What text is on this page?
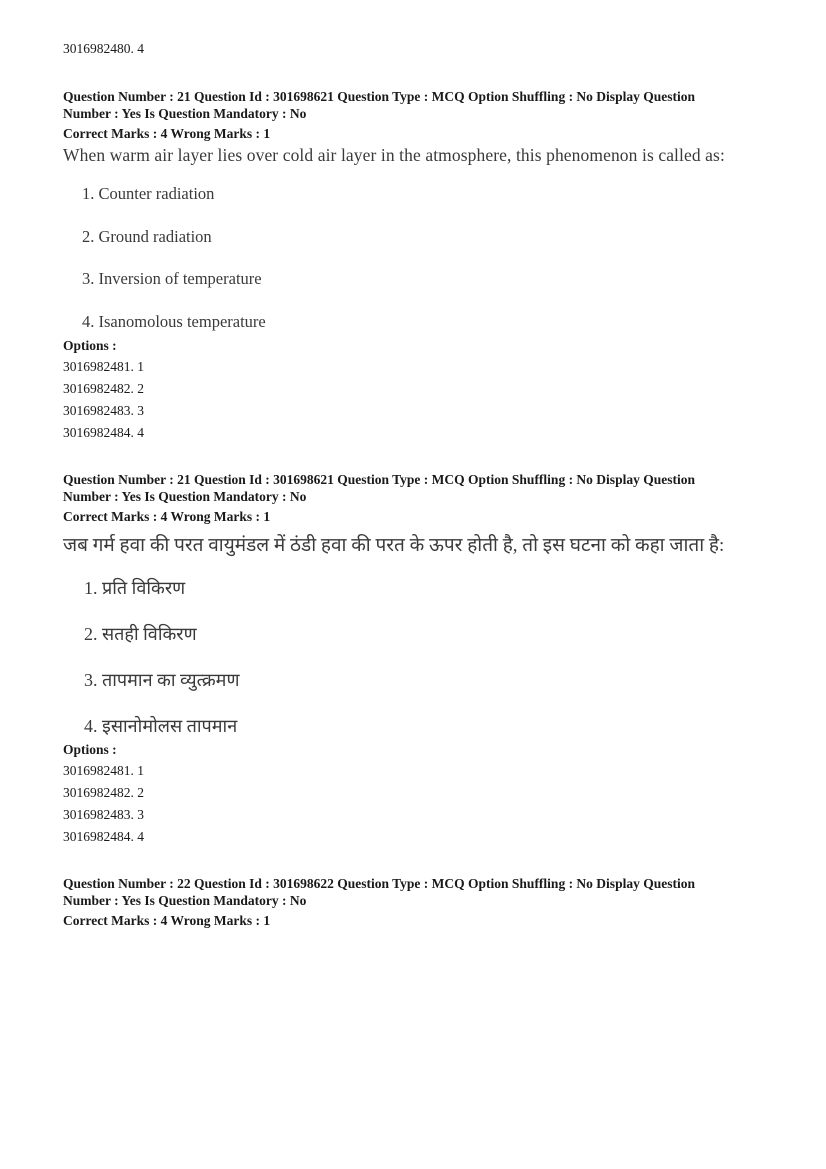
3016982480. 4
Question Number : 21 Question Id : 301698621 Question Type : MCQ Option Shuffling : No Display Question
Number : Yes Is Question Mandatory : No
Correct Marks : 4 Wrong Marks : 1
When warm air layer lies over cold air layer in the atmosphere, this phenomenon is called as:
1. Counter radiation
2. Ground radiation
3. Inversion of temperature
4. Isanomolous temperature
Options :
3016982481. 1
3016982482. 2
3016982483. 3
3016982484. 4
Question Number : 21 Question Id : 301698621 Question Type : MCQ Option Shuffling : No Display Question
Number : Yes Is Question Mandatory : No
Correct Marks : 4 Wrong Marks : 1
जब गर्म हवा की परत वायुमंडल में ठंडी हवा की परत के ऊपर होती है, तो इस घटना को कहा जाता है:
1. प्रति विकिरण
2. सतही विकिरण
3. तापमान का व्युत्क्रमण
4. इसानोमोलस तापमान
Options :
3016982481. 1
3016982482. 2
3016982483. 3
3016982484. 4
Question Number : 22 Question Id : 301698622 Question Type : MCQ Option Shuffling : No Display Question
Number : Yes Is Question Mandatory : No
Correct Marks : 4 Wrong Marks : 1
